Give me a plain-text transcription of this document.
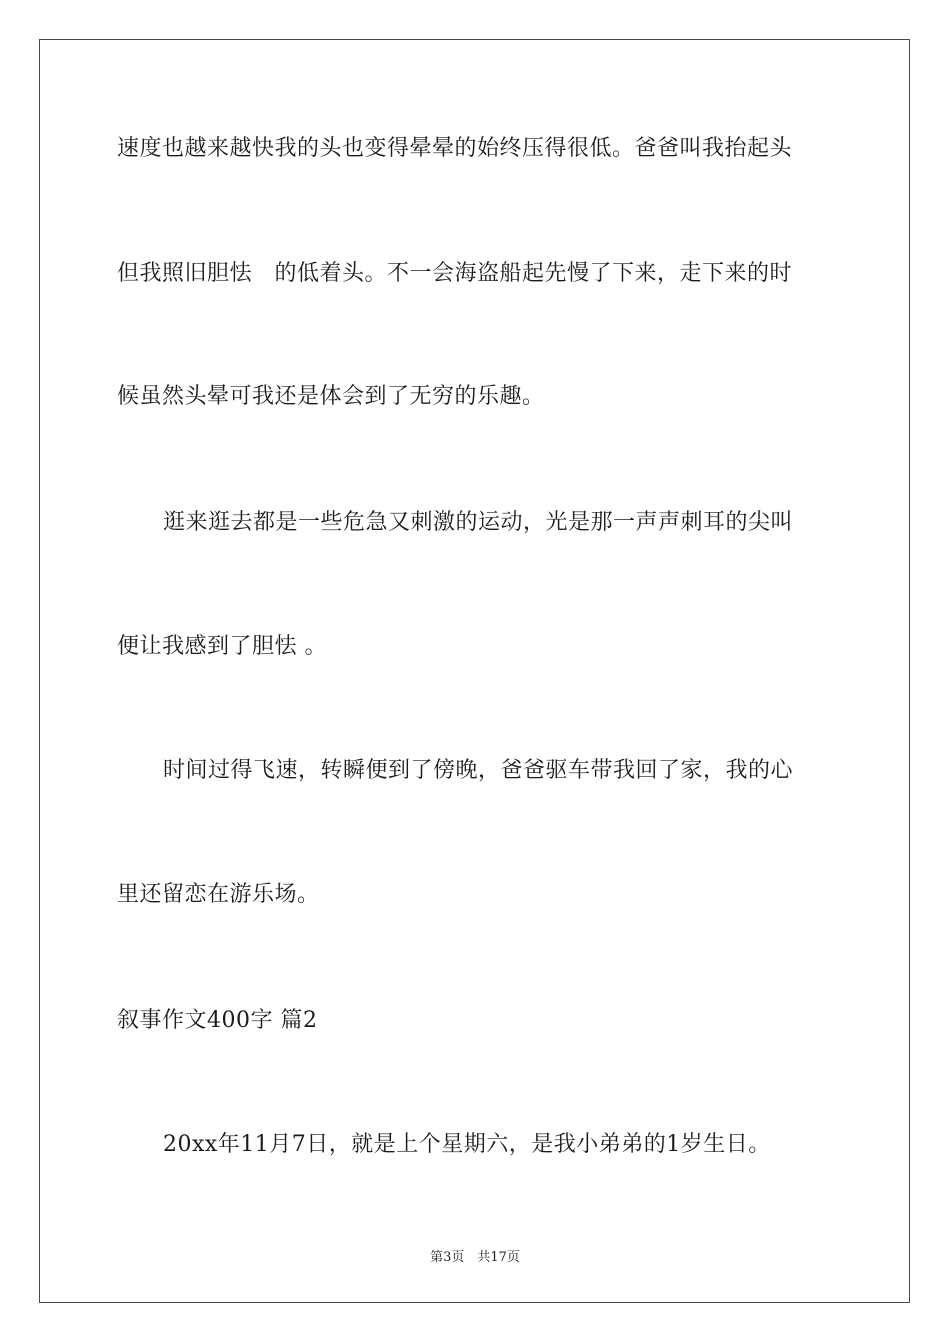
速度也越来越快我的头也变得晕晕的始终压得很低。爸爸叫我抬起头
但我照旧胆怯　的低着头。不一会海盗船起先慢了下来，走下来的时
候虽然头晕可我还是体会到了无穷的乐趣。
逛来逛去都是一些危急又刺激的运动，光是那一声声刺耳的尖叫
便让我感到了胆怯 。
时间过得飞速，转瞬便到了傍晚，爸爸驱车带我回了家，我的心
里还留恋在游乐场。
叙事作文400字 篇2
20xx年11月7日，就是上个星期六，是我小弟弟的1岁生日。
第3页　共17页
